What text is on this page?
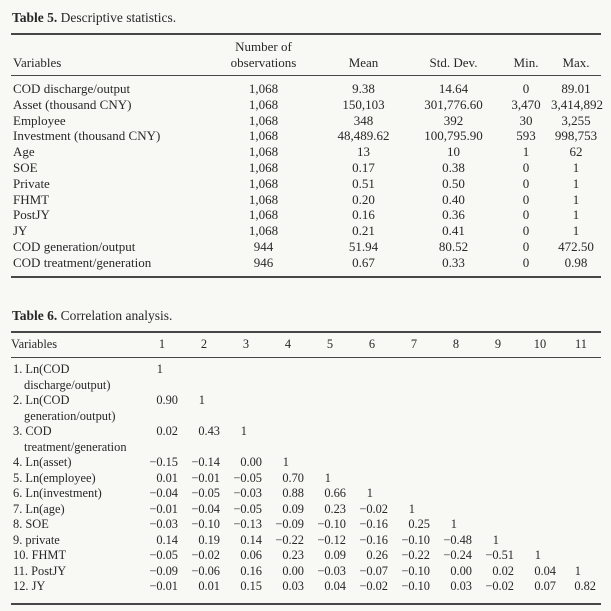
Table 5. Descriptive statistics.

Variables	Number of observations	Mean	Std. Dev.	Min.	Max.
COD discharge/output	1,068	9.38	14.64	0	89.01
Asset (thousand CNY)	1,068	150,103	301,776.60	3,470	3,414,892
Employee	1,068	348	392	30	3,255
Investment (thousand CNY)	1,068	48,489.62	100,795.90	593	998,753
Age	1,068	13	10	1	62
SOE	1,068	0.17	0.38	0	1
Private	1,068	0.51	0.50	0	1
FHMT	1,068	0.20	0.40	0	1
PostJY	1,068	0.16	0.36	0	1
JY	1,068	0.21	0.41	0	1
COD generation/output	944	51.94	80.52	0	472.50
COD treatment/generation	946	0.67	0.33	0	0.98

Table 6. Correlation analysis.

Variables	1	2	3	4	5	6	7	8	9	10	11
1. Ln(COD discharge/output)	1										
2. Ln(COD generation/output)	0.90	1									
3. COD treatment/generation	0.02	0.43	1								
4. Ln(asset)	−0.15	−0.14	0.00	1							
5. Ln(employee)	0.01	−0.01	−0.05	0.70	1						
6. Ln(investment)	−0.04	−0.05	−0.03	0.88	0.66	1					
7. Ln(age)	−0.01	−0.04	−0.05	0.09	0.23	−0.02	1				
8. SOE	−0.03	−0.10	−0.13	−0.09	−0.10	−0.16	0.25	1			
9. private	0.14	0.19	0.14	−0.22	−0.12	−0.16	−0.10	−0.48	1		
10. FHMT	−0.05	−0.02	0.06	0.23	0.09	0.26	−0.22	−0.24	−0.51	1	
11. PostJY	−0.09	−0.06	0.16	0.00	−0.03	−0.07	−0.10	0.00	0.02	0.04	1
12. JY	−0.01	0.01	0.15	0.03	0.04	−0.02	−0.10	0.03	−0.02	0.07	0.82
